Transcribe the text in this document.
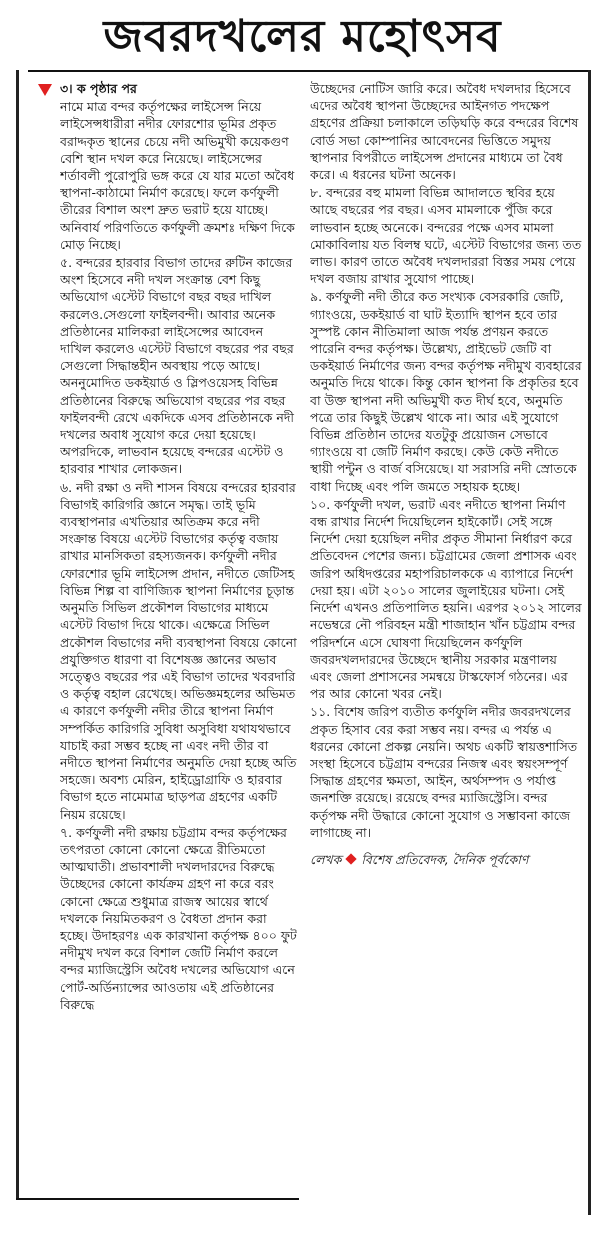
জবরদখলের মহোৎসব

৩। ক পৃষ্ঠার পর

নামে মাত্র বন্দর কর্তৃপক্ষের লাইসেন্স নিয়ে লাইসেন্সধারীরা নদীর ফোরশোর ভূমির প্রকৃত বরাদ্দকৃত স্থানের চেয়ে নদী অভিমুখী কয়েকগুণ বেশি স্থান দখল করে নিয়েছে। লাইসেন্সের শর্তাবলী পুরোপুরি ভঙ্গ করে যে যার মতো অবৈধ স্থাপনা-কাঠামো নির্মাণ করেছে। ফলে কর্ণফুলী তীরের বিশাল অংশ দ্রুত ভরাট হয়ে যাচ্ছে। অনিবার্য পরিণতিতে কর্ণফুলী ক্রমশঃ দক্ষিণ দিকে মোড় নিচ্ছে।

৫. বন্দরের হারবার বিভাগ তাদের রুটিন কাজের অংশ হিসেবে নদী দখল সংক্রান্ত বেশ কিছু অভিযোগ এস্টেট বিভাগে বছর বছর দাখিল করলেও.সেগুলো ফাইলবন্দী। আবার অনেক প্রতিষ্ঠানের মালিকরা লাইসেন্সের আবেদন দাখিল করলেও এস্টেট বিভাগে বছরের পর বছর সেগুলো সিদ্ধান্তহীন অবস্থায় পড়ে আছে। অননুমোদিত ডকইয়ার্ড ও স্লিপওয়েসহ বিভিন্ন প্রতিষ্ঠানের বিরুদ্ধে অভিযোগ বছরের পর বছর ফাইলবন্দী রেখে একদিকে এসব প্রতিষ্ঠানকে নদী দখলের অবাধ সুযোগ করে দেয়া হয়েছে। অপরদিকে, লাভবান হয়েছে বন্দরের এস্টেট ও হারবার শাখার লোকজন।

৬. নদী রক্ষা ও নদী শাসন বিষয়ে বন্দরের হারবার বিভাগই কারিগরি জ্ঞানে সমৃদ্ধ। তাই ভূমি ব্যবস্থাপনার এখতিয়ার অতিক্রম করে নদী সংক্রান্ত বিষয়ে এস্টেট বিভাগের কর্তৃত্ব বজায় রাখার মানসিকতা রহস্যজনক। কর্ণফুলী নদীর ফোরশোর ভূমি লাইসেন্স প্রদান, নদীতে জেটিসহ বিভিন্ন শিল্প বা বাণিজ্যিক স্থাপনা নির্মাণের চূড়ান্ত অনুমতি সিভিল প্রকৌশল বিভাগের মাধ্যমে এস্টেট বিভাগ দিয়ে থাকে। এক্ষেত্রে সিভিল প্রকৌশল বিভাগের নদী ব্যবস্থাপনা বিষয়ে কোনো প্রযুক্তিগত ধারণা বা বিশেষজ্ঞ জ্ঞানের অভাব সত্ত্বেও বছরের পর এই বিভাগ তাদের খবরদারি ও কর্তৃত্ব বহাল রেখেছে। অভিজ্ঞমহলের অভিমত এ কারণে কর্ণফুলী নদীর তীরে স্থাপনা নির্মাণ সম্পর্কিত কারিগরি সুবিধা অসুবিধা যথাযথভাবে যাচাই করা সম্ভব হচ্ছে না এবং নদী তীর বা নদীতে স্থাপনা নির্মাণের অনুমতি দেয়া হচ্ছে অতি সহজে। অবশ্য মেরিন, হাইড্রোগ্রাফি ও হারবার বিভাগ হতে নামেমাত্র ছাড়পত্র গ্রহণের একটি নিয়ম রয়েছে।

৭. কর্ণফুলী নদী রক্ষায় চট্টগ্রাম বন্দর কর্তৃপক্ষের তৎপরতা কোনো কোনো ক্ষেত্রে রীতিমতো আত্মঘাতী। প্রভাবশালী দখলদারদের বিরুদ্ধে উচ্ছেদের কোনো কার্যক্রম গ্রহণ না করে বরং কোনো ক্ষেত্রে শুধুমাত্র রাজস্ব আয়ের স্বার্থে দখলকে নিয়মিতকরণ ও বৈধতা প্রদান করা হচ্ছে। উদাহরণঃ এক কারখানা কর্তৃপক্ষ ৪০০ ফুট নদীমুখ দখল করে বিশাল জেটি নির্মাণ করলে বন্দর ম্যাজিস্ট্রেসি অবৈধ দখলের অভিযোগ এনে পোর্ট-অর্ডিন্যান্সের আওতায় এই প্রতিষ্ঠানের বিরুদ্ধে

উচ্ছেদের নোটিস জারি করে। অবৈধ দখলদার হিসেবে এদের অবৈধ স্থাপনা উচ্ছেদের আইনগত পদক্ষেপ গ্রহণের প্রক্রিয়া চলাকালে তড়িঘড়ি করে বন্দরের বিশেষ বোর্ড সভা কোম্পানির আবেদনের ভিত্তিতে সমুদয় স্থাপনার বিপরীতে লাইসেন্স প্রদানের মাধ্যমে তা বৈধ করে। এ ধরনের ঘটনা অনেক।

৮. বন্দরের বহু মামলা বিভিন্ন আদালতে স্থবির হয়ে আছে বছরের পর বছর। এসব মামলাকে পুঁজি করে লাভবান হচ্ছে অনেকে। বন্দরের পক্ষে এসব মামলা মোকাবিলায় যত বিলম্ব ঘটে, এস্টেট বিভাগের জন্য তত লাভ। কারণ তাতে অবৈধ দখলদাররা বিস্তর সময় পেয়ে দখল বজায় রাখার সুযোগ পাচ্ছে।

৯. কর্ণফুলী নদী তীরে কত সংখ্যক বেসরকারি জেটি, গ্যাংওয়ে, ডকইয়ার্ড বা ঘাট ইত্যাদি স্থাপন হবে তার সুস্পষ্ট কোন নীতিমালা আজ পর্যন্ত প্রণয়ন করতে পারেনি বন্দর কর্তৃপক্ষ। উল্লেখ্য, প্রাইভেট জেটি বা ডকইয়ার্ড নির্মাণের জন্য বন্দর কর্তৃপক্ষ নদীমুখ ব্যবহারের অনুমতি দিয়ে থাকে। কিন্তু কোন স্থাপনা কি প্রকৃতির হবে বা উক্ত স্থাপনা নদী অভিমুখী কত দীর্ঘ হবে, অনুমতি পত্রে তার কিছুই উল্লেখ থাকে না। আর এই সুযোগে বিভিন্ন প্রতিষ্ঠান তাদের যতটুকু প্রয়োজন সেভাবে গ্যাংওয়ে বা জেটি নির্মাণ করছে। কেউ কেউ নদীতে স্থায়ী পন্টুন ও বার্জ বসিয়েছে। যা সরাসরি নদী স্রোতকে বাধা দিচ্ছে এবং পলি জমতে সহায়ক হচ্ছে।

১০. কর্ণফুলী দখল, ভরাট এবং নদীতে স্থাপনা নির্মাণ বন্ধ রাখার নির্দেশ দিয়েছিলেন হাইকোর্ট। সেই সঙ্গে নির্দেশ দেয়া হয়েছিল নদীর প্রকৃত সীমানা নির্ধারণ করে প্রতিবেদন পেশের জন্য। চট্টগ্রামের জেলা প্রশাসক এবং জরিপ অধিদপ্তরের মহাপরিচালককে এ ব্যাপারে নির্দেশ দেয়া হয়। এটা ২০১০ সালের জুলাইয়ের ঘটনা। সেই নির্দেশ এখনও প্রতিপালিত হয়নি। এরপর ২০১২ সালের নভেম্বরে নৌ পরিবহন মন্ত্রী শাজাহান খাঁন চট্টগ্রাম বন্দর পরিদর্শনে এসে ঘোষণা দিয়েছিলেন কর্ণফুলি জবরদখলদারদের উচ্ছেদে স্থানীয় সরকার মন্ত্রণালয় এবং জেলা প্রশাসনের সমন্বয়ে টাস্কফোর্স গঠনের। এর পর আর কোনো খবর নেই।

১১. বিশেষ জরিপ ব্যতীত কর্ণফুলি নদীর জবরদখলের প্রকৃত হিসাব বের করা সম্ভব নয়। বন্দর এ পর্যন্ত এ ধরনের কোনো প্রকল্প নেয়নি। অথচ একটি স্বায়ত্তশাসিত সংস্থা হিসেবে চট্টগ্রাম বন্দরের নিজস্ব এবং স্বয়ংসম্পূর্ণ সিদ্ধান্ত গ্রহণের ক্ষমতা, আইন, অর্থসম্পদ ও পর্যাপ্ত জনশক্তি রয়েছে। রয়েছে বন্দর ম্যাজিস্ট্রেসি। বন্দর কর্তৃপক্ষ নদী উদ্ধারে কোনো সুযোগ ও সম্ভাবনা কাজে লাগাচ্ছে না।

লেখক বিশেষ প্রতিবেদক, দৈনিক পূর্বকোণ
